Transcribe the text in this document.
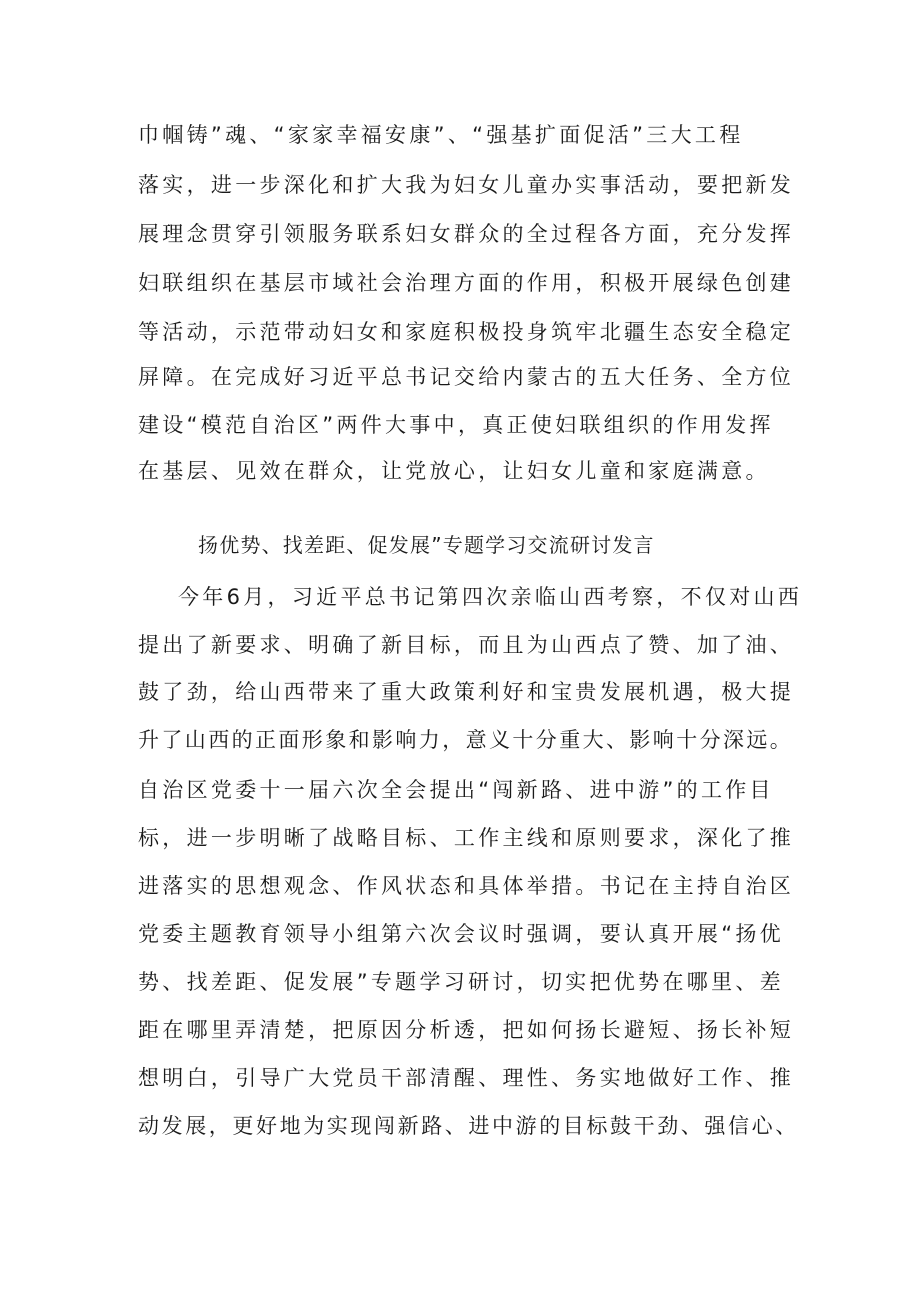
巾帼铸”魂、“家家幸福安康”、“强基扩面促活”三大工程
落实，进一步深化和扩大我为妇女儿童办实事活动，要把新发
展理念贯穿引领服务联系妇女群众的全过程各方面，充分发挥
妇联组织在基层市域社会治理方面的作用，积极开展绿色创建
等活动，示范带动妇女和家庭积极投身筑牢北疆生态安全稳定
屏障。在完成好习近平总书记交给内蒙古的五大任务、全方位
建设“模范自治区”两件大事中，真正使妇联组织的作用发挥
在基层、见效在群众，让党放心，让妇女儿童和家庭满意。
扬优势、找差距、促发展”专题学习交流研讨发言
今年6月，习近平总书记第四次亲临山西考察，不仅对山西
提出了新要求、明确了新目标，而且为山西点了赞、加了油、
鼓了劲，给山西带来了重大政策利好和宝贵发展机遇，极大提
升了山西的正面形象和影响力，意义十分重大、影响十分深远。
自治区党委十一届六次全会提出“闯新路、进中游”的工作目
标，进一步明晰了战略目标、工作主线和原则要求，深化了推
进落实的思想观念、作风状态和具体举措。书记在主持自治区
党委主题教育领导小组第六次会议时强调，要认真开展“扬优
势、找差距、促发展”专题学习研讨，切实把优势在哪里、差
距在哪里弄清楚，把原因分析透，把如何扬长避短、扬长补短
想明白，引导广大党员干部清醒、理性、务实地做好工作、推
动发展，更好地为实现闯新路、进中游的目标鼓干劲、强信心、
